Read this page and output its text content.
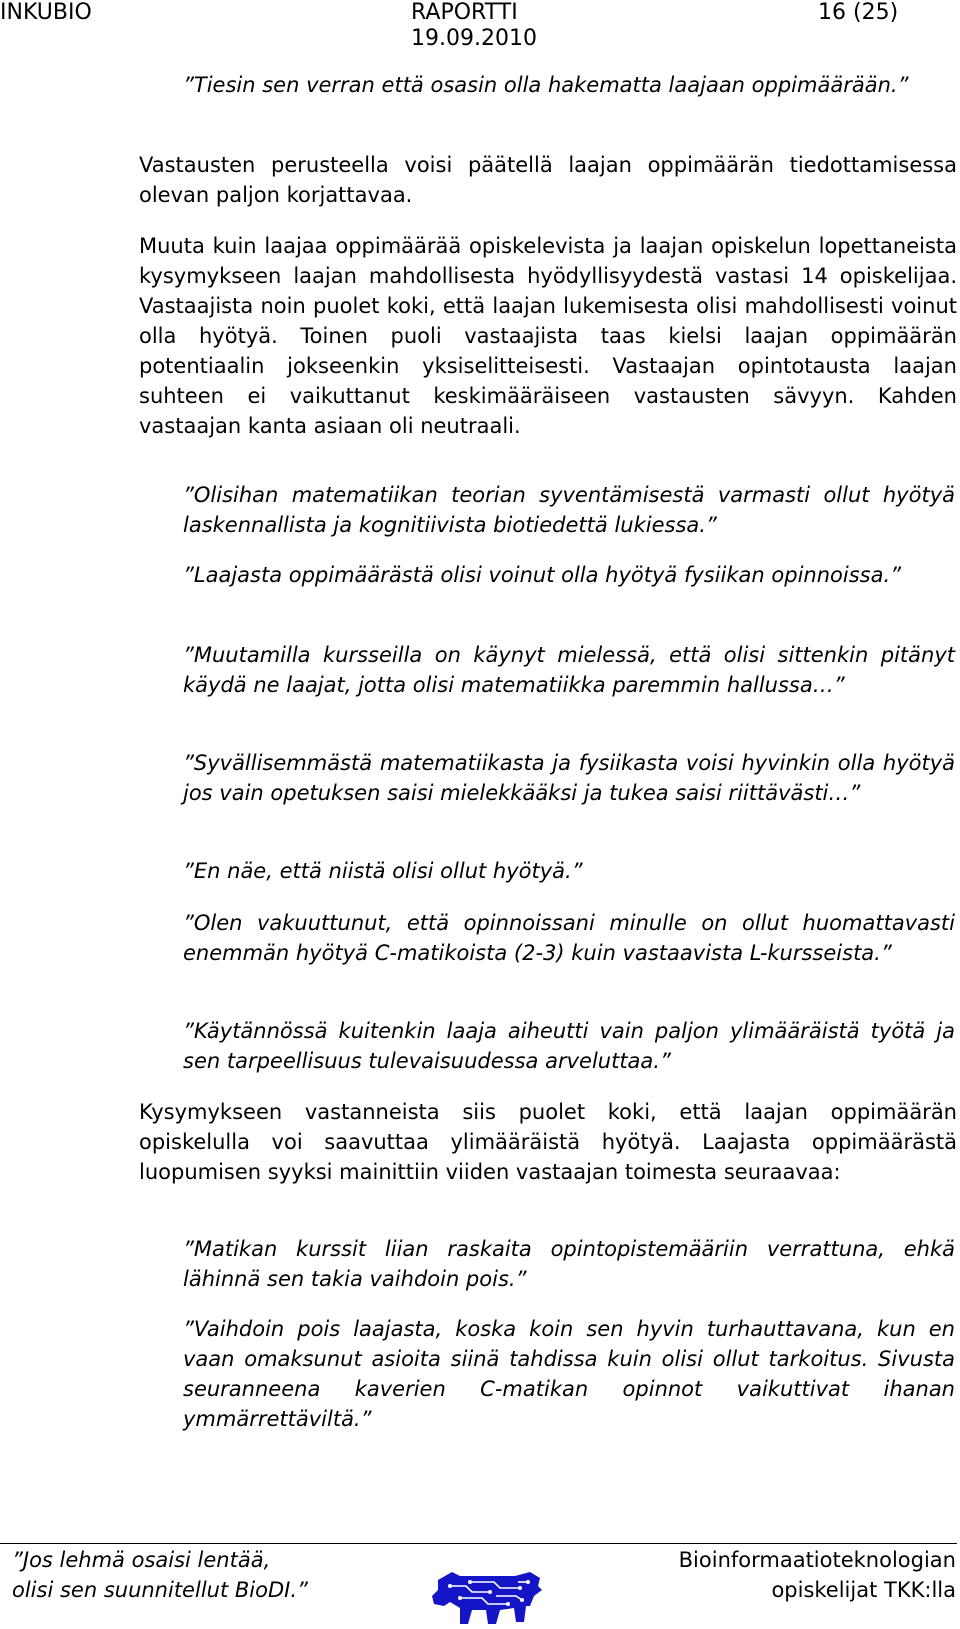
INKUBIO	RAPORTTI
19.09.2010
16 (25)

”Tiesin sen verran että osasin olla hakematta laajaan oppimäärään.”

Vastausten perusteella voisi päätellä laajan oppimäärän tiedottamisessa olevan paljon korjattavaa.

Muuta kuin laajaa oppimäärää opiskelevista ja laajan opiskelun lopettaneista kysymykseen laajan mahdollisesta hyödyllisyydestä vastasi 14 opiskelijaa. Vastaajista noin puolet koki, että laajan lukemisesta olisi mahdollisesti voinut olla hyötyä. Toinen puoli vastaajista taas kielsi laajan oppimäärän potentiaalin jokseenkin yksiselitteisesti. Vastaajan opintotausta laajan suhteen ei vaikuttanut keskimääräiseen vastausten sävyyn. Kahden vastaajan kanta asiaan oli neutraali.

”Olisihan matematiikan teorian syventämisestä varmasti ollut hyötyä laskennallista ja kognitiivista biotiedettä lukiessa.”

”Laajasta oppimäärästä olisi voinut olla hyötyä fysiikan opinnoissa.”

”Muutamilla kursseilla on käynyt mielessä, että olisi sittenkin pitänyt käydä ne laajat, jotta olisi matematiikka paremmin hallussa…”

”Syvällisemmästä matematiikasta ja fysiikasta voisi hyvinkin olla hyötyä jos vain opetuksen saisi mielekkääksi ja tukea saisi riittävästi…”

”En näe, että niistä olisi ollut hyötyä.”

”Olen vakuuttunut, että opinnoissani minulle on ollut huomattavasti enemmän hyötyä C-matikoista (2-3) kuin vastaavista L-kursseista.”

”Käytännössä kuitenkin laaja aiheutti vain paljon ylimääräistä työtä ja sen tarpeellisuus tulevaisuudessa arveluttaa.”

Kysymykseen vastanneista siis puolet koki, että laajan oppimäärän opiskelulla voi saavuttaa ylimääräistä hyötyä. Laajasta oppimäärästä luopumisen syyksi mainittiin viiden vastaajan toimesta seuraavaa:

”Matikan kurssit liian raskaita opintopistemääriin verrattuna, ehkä lähinnä sen takia vaihdoin pois.”

”Vaihdoin pois laajasta, koska koin sen hyvin turhauttavana, kun en vaan omaksunut asioita siinä tahdissa kuin olisi ollut tarkoitus. Sivusta seuranneena kaverien C-matikan opinnot vaikuttivat ihanan ymmärrettäviltä.”

”Jos lehmä osaisi lentää,
olisi sen suunnitellut BioDI.”
Bioinformaatioteknologian
opiskelijat TKK:lla
